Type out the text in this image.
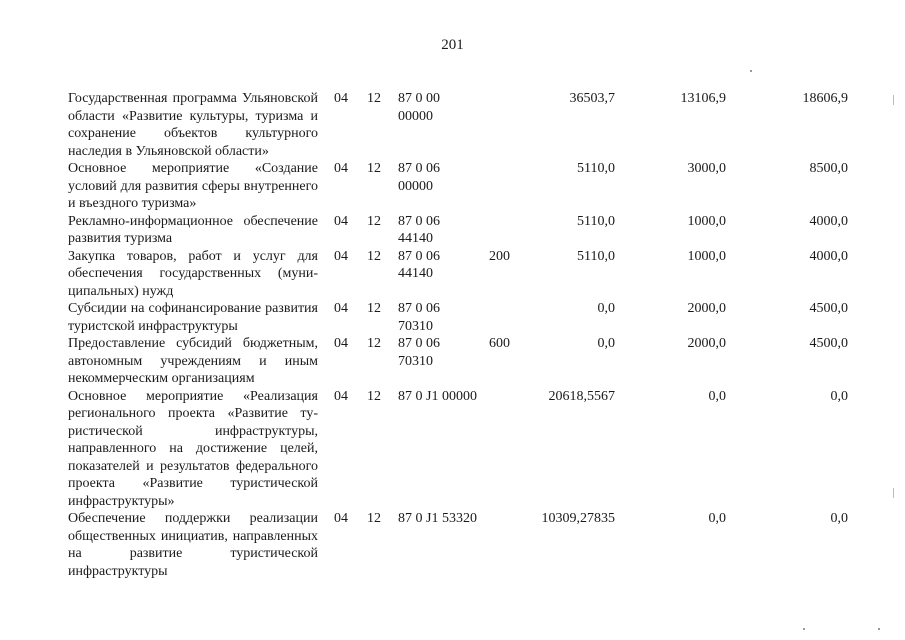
201
Государственная программа Ульяновской области «Развитие культуры, туризма и сохранение объектов культурного наследия в Ульяновской области»	04	12	87 0 00 00000		36503,7	13106,9	18606,9
Основное мероприятие «Создание условий для развития сферы внутреннего и въездного туризма»	04	12	87 0 06 00000		5110,0	3000,0	8500,0
Рекламно-информационное обеспечение развития туризма	04	12	87 0 06 44140		5110,0	1000,0	4000,0
Закупка товаров, работ и услуг для обеспечения государственных (муниципальных) нужд	04	12	87 0 06 44140	200	5110,0	1000,0	4000,0
Субсидии на софинансирование развития туристской инфраструктуры	04	12	87 0 06 70310		0,0	2000,0	4500,0
Предоставление субсидий бюджетным, автономным учреждениям и иным некоммерческим организациям	04	12	87 0 06 70310	600	0,0	2000,0	4500,0
Основное мероприятие «Реализация регионального проекта «Развитие туристической инфраструктуры, направленного на достижение целей, показателей и результатов федерального проекта «Развитие туристической инфраструктуры»	04	12	87 0 J1 00000		20618,5567	0,0	0,0
Обеспечение поддержки реализации общественных инициатив, направленных на развитие туристической инфраструктуры	04	12	87 0 J1 53320		10309,27835	0,0	0,0
